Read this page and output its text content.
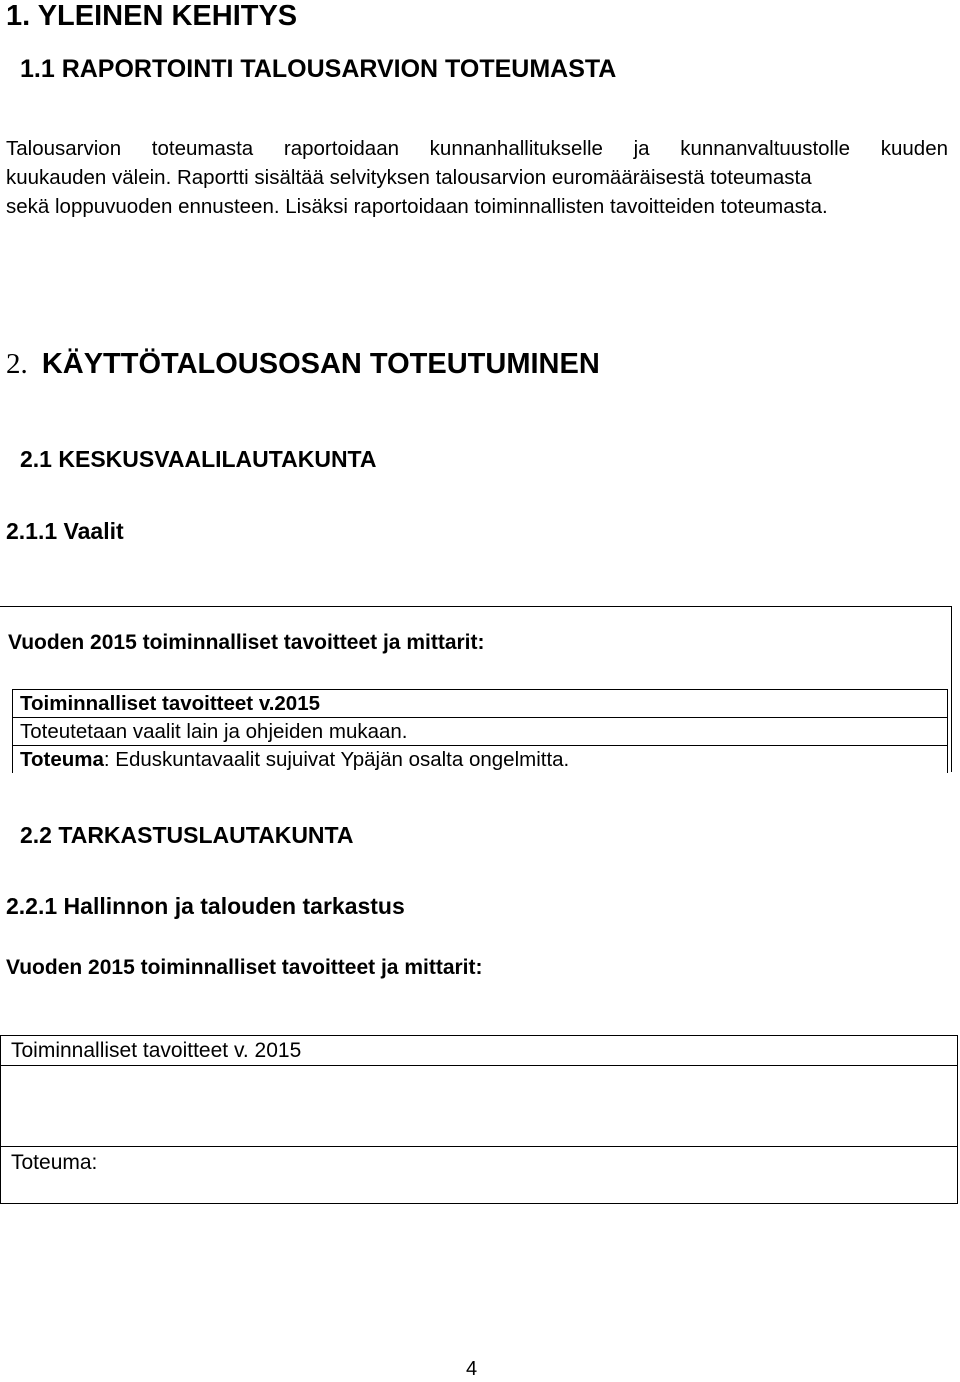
1. YLEINEN KEHITYS
1.1 RAPORTOINTI TALOUSARVION TOTEUMASTA
Talousarvion toteumasta raportoidaan kunnanhallitukselle ja kunnanvaltuustolle kuuden
kuukauden välein. Raportti sisältää selvityksen talousarvion euromääräisestä toteumasta
sekä loppuvuoden ennusteen. Lisäksi raportoidaan toiminnallisten tavoitteiden toteumasta.
2. KÄYTTÖTALOUSOSAN TOTEUTUMINEN
2.1 KESKUSVAALILAUTAKUNTA
2.1.1 Vaalit
Vuoden 2015 toiminnalliset tavoitteet ja mittarit:
Toiminnalliset tavoitteet v.2015
Toteutetaan vaalit lain ja ohjeiden mukaan.
Toteuma: Eduskuntavaalit sujuivat Ypäjän osalta ongelmitta.
2.2 TARKASTUSLAUTAKUNTA
2.2.1 Hallinnon ja talouden tarkastus
Vuoden 2015 toiminnalliset tavoitteet ja mittarit:
Toiminnalliset tavoitteet v. 2015

Toteuma:
4
